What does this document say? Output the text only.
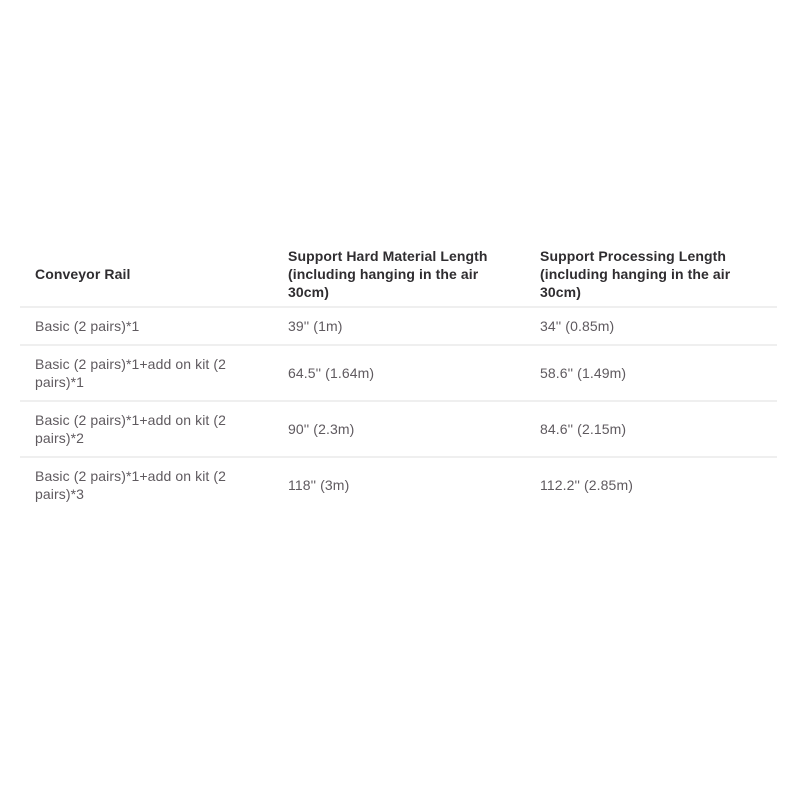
Conveyor Rail	Support Hard Material Length (including hanging in the air 30cm)	Support Processing Length (including hanging in the air 30cm)
Basic (2 pairs)*1	39'' (1m)	34'' (0.85m)
Basic (2 pairs)*1+add on kit (2 pairs)*1	64.5'' (1.64m)	58.6'' (1.49m)
Basic (2 pairs)*1+add on kit (2 pairs)*2	90'' (2.3m)	84.6'' (2.15m)
Basic (2 pairs)*1+add on kit (2 pairs)*3	118'' (3m)	112.2'' (2.85m)
